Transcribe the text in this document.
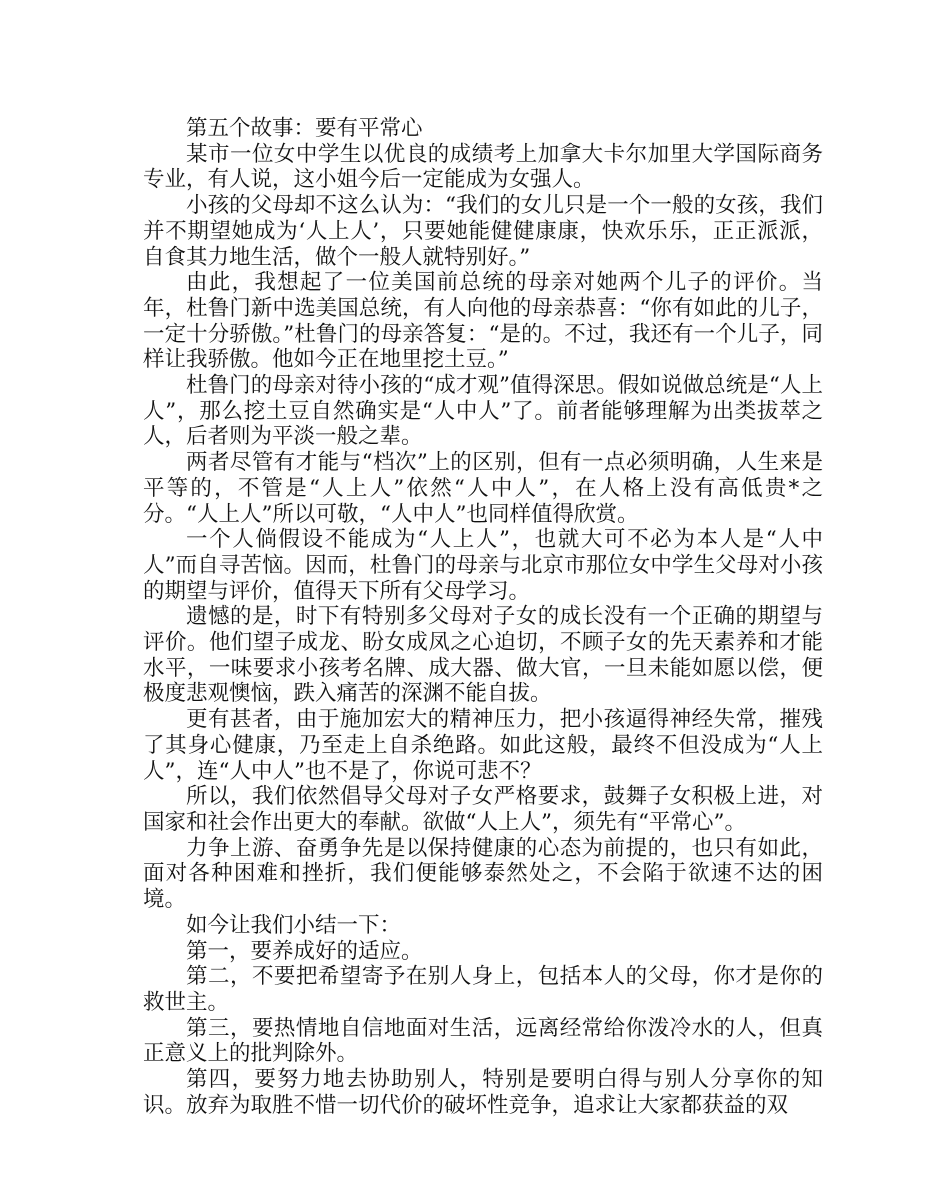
第五个故事：要有平常心

某市一位女中学生以优良的成绩考上加拿大卡尔加里大学国际商务专业，有人说，这小姐今后一定能成为女强人。

小孩的父母却不这么认为：“我们的女儿只是一个一般的女孩，我们并不期望她成为‘人上人’，只要她能健健康康，快欢乐乐，正正派派，自食其力地生活，做个一般人就特别好。”

由此，我想起了一位美国前总统的母亲对她两个儿子的评价。当年，杜鲁门新中选美国总统，有人向他的母亲恭喜：“你有如此的儿子，一定十分骄傲。”杜鲁门的母亲答复：“是的。不过，我还有一个儿子，同样让我骄傲。他如今正在地里挖土豆。”

杜鲁门的母亲对待小孩的“成才观”值得深思。假如说做总统是“人上人”，那么挖土豆自然确实是“人中人”了。前者能够理解为出类拔萃之人，后者则为平淡一般之辈。

两者尽管有才能与“档次”上的区别，但有一点必须明确，人生来是平等的，不管是“人上人”依然“人中人”，在人格上没有高低贵*之分。“人上人”所以可敬，“人中人”也同样值得欣赏。

一个人倘假设不能成为“人上人”，也就大可不必为本人是“人中人”而自寻苦恼。因而，杜鲁门的母亲与北京市那位女中学生父母对小孩的期望与评价，值得天下所有父母学习。

遗憾的是，时下有特别多父母对子女的成长没有一个正确的期望与评价。他们望子成龙、盼女成凤之心迫切，不顾子女的先天素养和才能水平，一味要求小孩考名牌、成大器、做大官，一旦未能如愿以偿，便极度悲观懊恼，跌入痛苦的深渊不能自拔。

更有甚者，由于施加宏大的精神压力，把小孩逼得神经失常，摧残了其身心健康，乃至走上自杀绝路。如此这般，最终不但没成为“人上人”，连“人中人”也不是了，你说可悲不？

所以，我们依然倡导父母对子女严格要求，鼓舞子女积极上进，对国家和社会作出更大的奉献。欲做“人上人”，须先有“平常心”。

力争上游、奋勇争先是以保持健康的心态为前提的，也只有如此，面对各种困难和挫折，我们便能够泰然处之，不会陷于欲速不达的困境。

如今让我们小结一下：

第一，要养成好的适应。

第二，不要把希望寄予在别人身上，包括本人的父母，你才是你的救世主。

第三，要热情地自信地面对生活，远离经常给你泼冷水的人，但真正意义上的批判除外。

第四，要努力地去协助别人，特别是要明白得与别人分享你的知识。放弃为取胜不惜一切代价的破坏性竞争，追求让大家都获益的双
